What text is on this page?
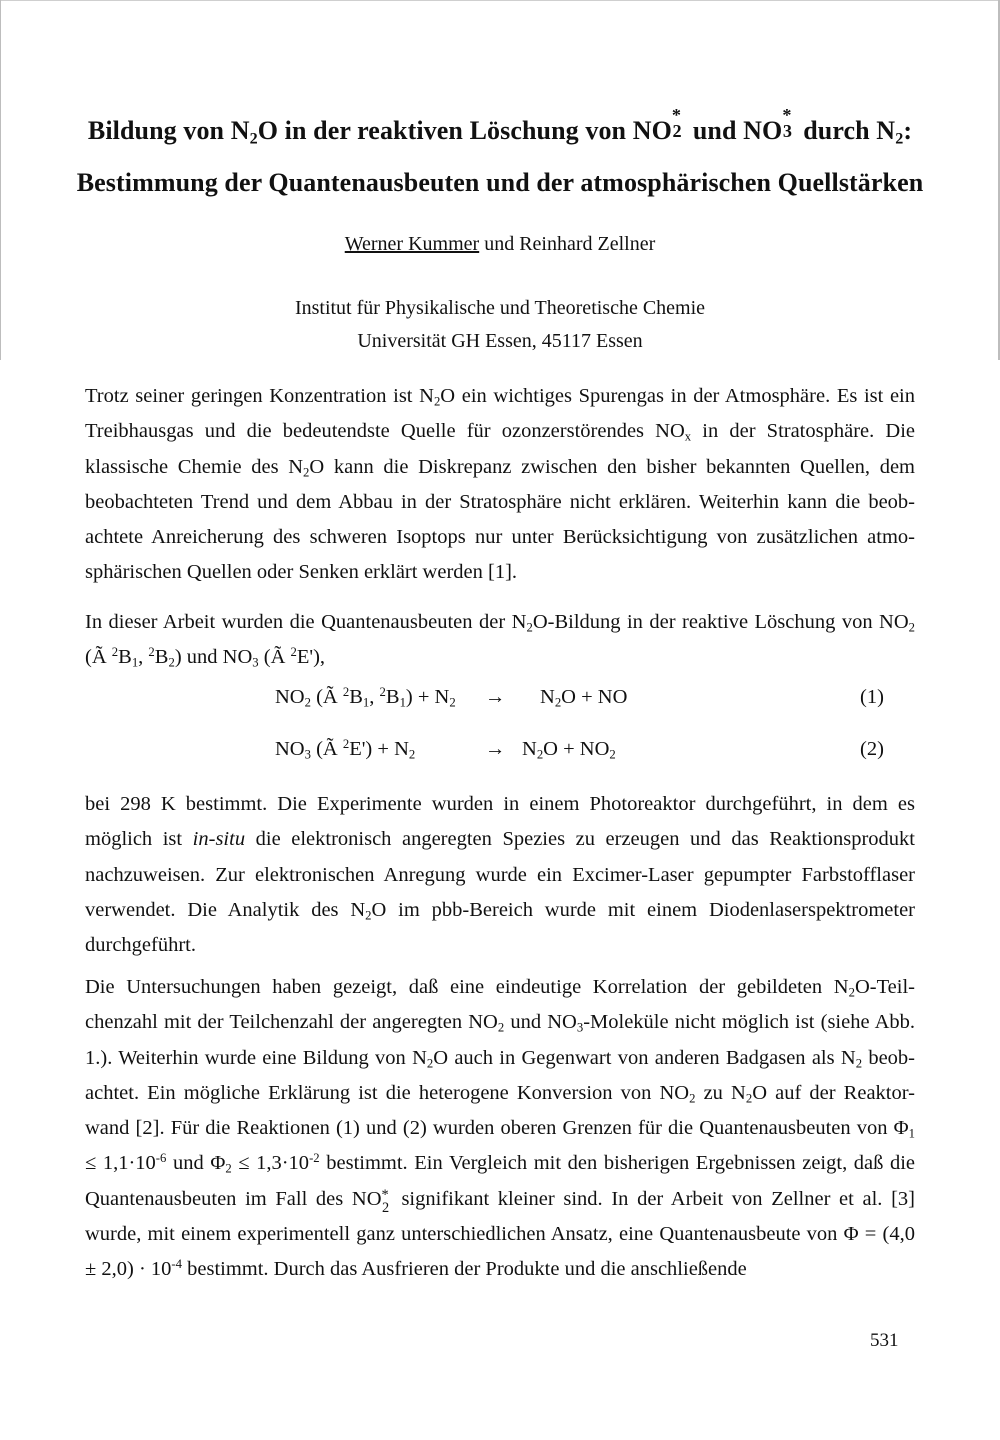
Bildung von $N_2O$ in der reaktiven Löschung von NO
*
2 und NO
*
3 durch $N_2$:
Bestimmung der Quantenausbeuten und der atmosphärischen Quellstärken
Werner Kummer und Reinhard Zellner
Institut für Physikalische und Theoretische Chemie
Universität GH Essen, 45117 Essen
Trotz seiner geringen Konzentration ist $N_2O$ ein wichtiges Spurengas in der Atmosphäre. Es ist ein Treibhausgas und die bedeutendste Quelle für ozonzerstörendes $NO_x$ in der Stratosphäre. Die klassische Chemie des $N_2O$ kann die Diskrepanz zwischen den bisher bekannten Quellen, dem beobachteten Trend und dem Abbau in der Stratosphäre nicht erklären. Weiterhin kann die beob-achtete Anreicherung des schweren Isoptops nur unter Berücksichtigung von zusätzlichen atmo-sphärischen Quellen oder Senken erklärt werden [1].
In dieser Arbeit wurden die Quantenausbeuten der $N_2O$-Bildung in der reaktive Löschung von $NO_2$ (Ã $^2B_1$, $^2B_2$) und $NO_3$ (Ã $^2$E'),
$NO_2$ (Ã $^2B_1$, $^2B_1) + N_2 \to N_2O$ + NO	(1)
$NO_3$ (Ã $^2E') + N_2$	→ $N_2O + NO_2$	(2)
bei 298 K bestimmt. Die Experimente wurden in einem Photoreaktor durchgeführt, in dem es möglich ist in-situ die elektronisch angeregten Spezies zu erzeugen und das Reaktionsprodukt nachzuweisen. Zur elektronischen Anregung wurde ein Excimer-Laser gepumpter Farbstofflaser verwendet. Die Analytik des $N_2O$ im pbb-Bereich wurde mit einem Diodenlaserspektrometer durchgeführt.
Die Untersuchungen haben gezeigt, daß eine eindeutige Korrelation der gebildeten $N_2O-Teil$-chenzahl mit der Teilchenzahl der angeregten $NO_2$ und $NO_3$-Moleküle nicht möglich ist (siehe Abb. 1.). Weiterhin wurde eine Bildung von $N_2O$ auch in Gegenwart von anderen Badgasen als $N_2$ beob-achtet. Ein mögliche Erklärung ist die heterogene Konversion von $NO_2$ zu $N_2O$ auf der Reaktor-wand [2]. Für die Reaktionen (1) und (2) wurden oberen Grenzen für die Quantenausbeuten von $\Phi_1 \le 1,1\cdot 10^{-6}$ und $\Phi_2 \le 1,3\cdot 10^{-2}$ bestimmt. Ein Vergleich mit den bisherigen Ergebnissen zeigt, daß die Quantenausbeuten im Fall des NO *
2 signifikant kleiner sind. In der Arbeit von Zellner et al. [3] wurde, mit einem experimentell ganz unterschiedlichen Ansatz, eine Quantenausbeute von $\Phi = (4,0 \pm 2,0) \cdot 10^{-4}$ bestimmt. Durch das Ausfrieren der Produkte und die anschließende
531
